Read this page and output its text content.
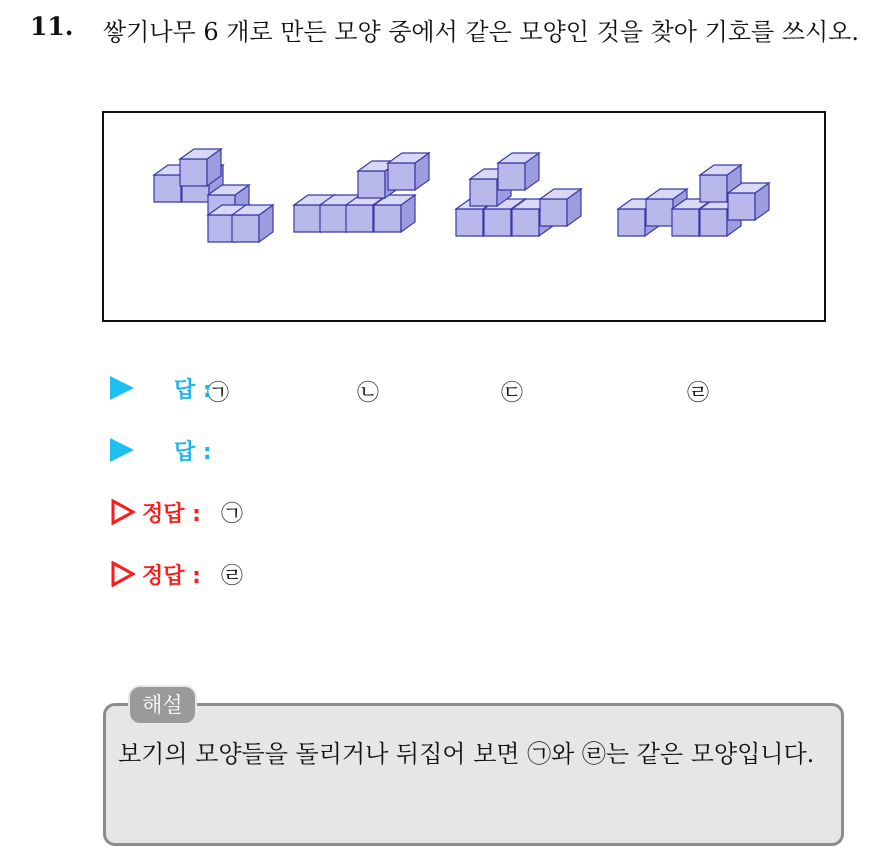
11. 쌓기나무 6 개로 만든 모양 중에서 같은 모양인 것을 찾아 기호를 쓰시오.
㉠	㉡	㉢	㉣
답 :
답 :
정답 : ㉠
정답 : ㉣
해설
보기의 모양들을 돌리거나 뒤집어 보면 ㉠와 ㉣는 같은 모양입니다.
